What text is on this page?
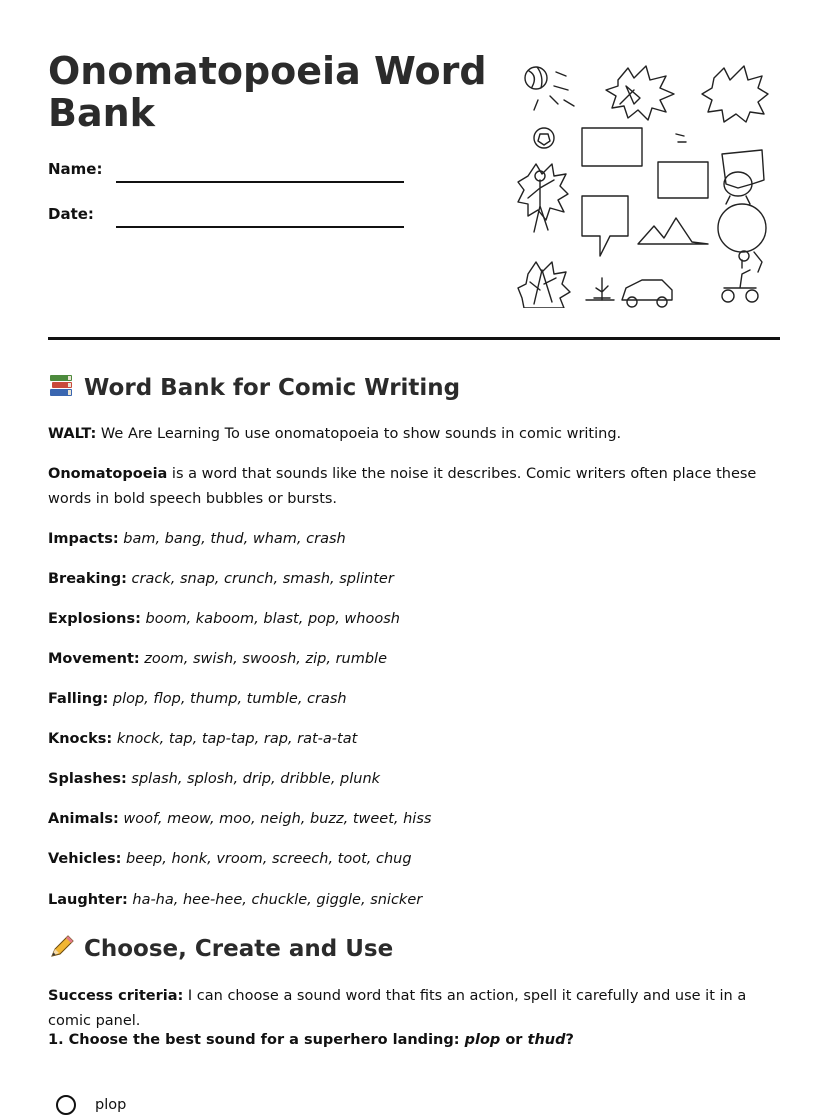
Onomatopoeia Word Bank
Name:
Date:
Word Bank for Comic Writing

WALT: We Are Learning To use onomatopoeia to show sounds in comic writing.

Onomatopoeia is a word that sounds like the noise it describes. Comic writers often place these words in bold speech bubbles or bursts.

Impacts: bam, bang, thud, wham, crash
Breaking: crack, snap, crunch, smash, splinter
Explosions: boom, kaboom, blast, pop, whoosh
Movement: zoom, swish, swoosh, zip, rumble
Falling: plop, flop, thump, tumble, crash
Knocks: knock, tap, tap-tap, rap, rat-a-tat
Splashes: splash, splosh, drip, dribble, plunk
Animals: woof, meow, moo, neigh, buzz, tweet, hiss
Vehicles: beep, honk, vroom, screech, toot, chug
Laughter: ha-ha, hee-hee, chuckle, giggle, snicker
Choose, Create and Use

Success criteria: I can choose a sound word that fits an action, spell it carefully and use it in a comic panel.

1. Choose the best sound for a superhero landing: plop or thud?
plop
